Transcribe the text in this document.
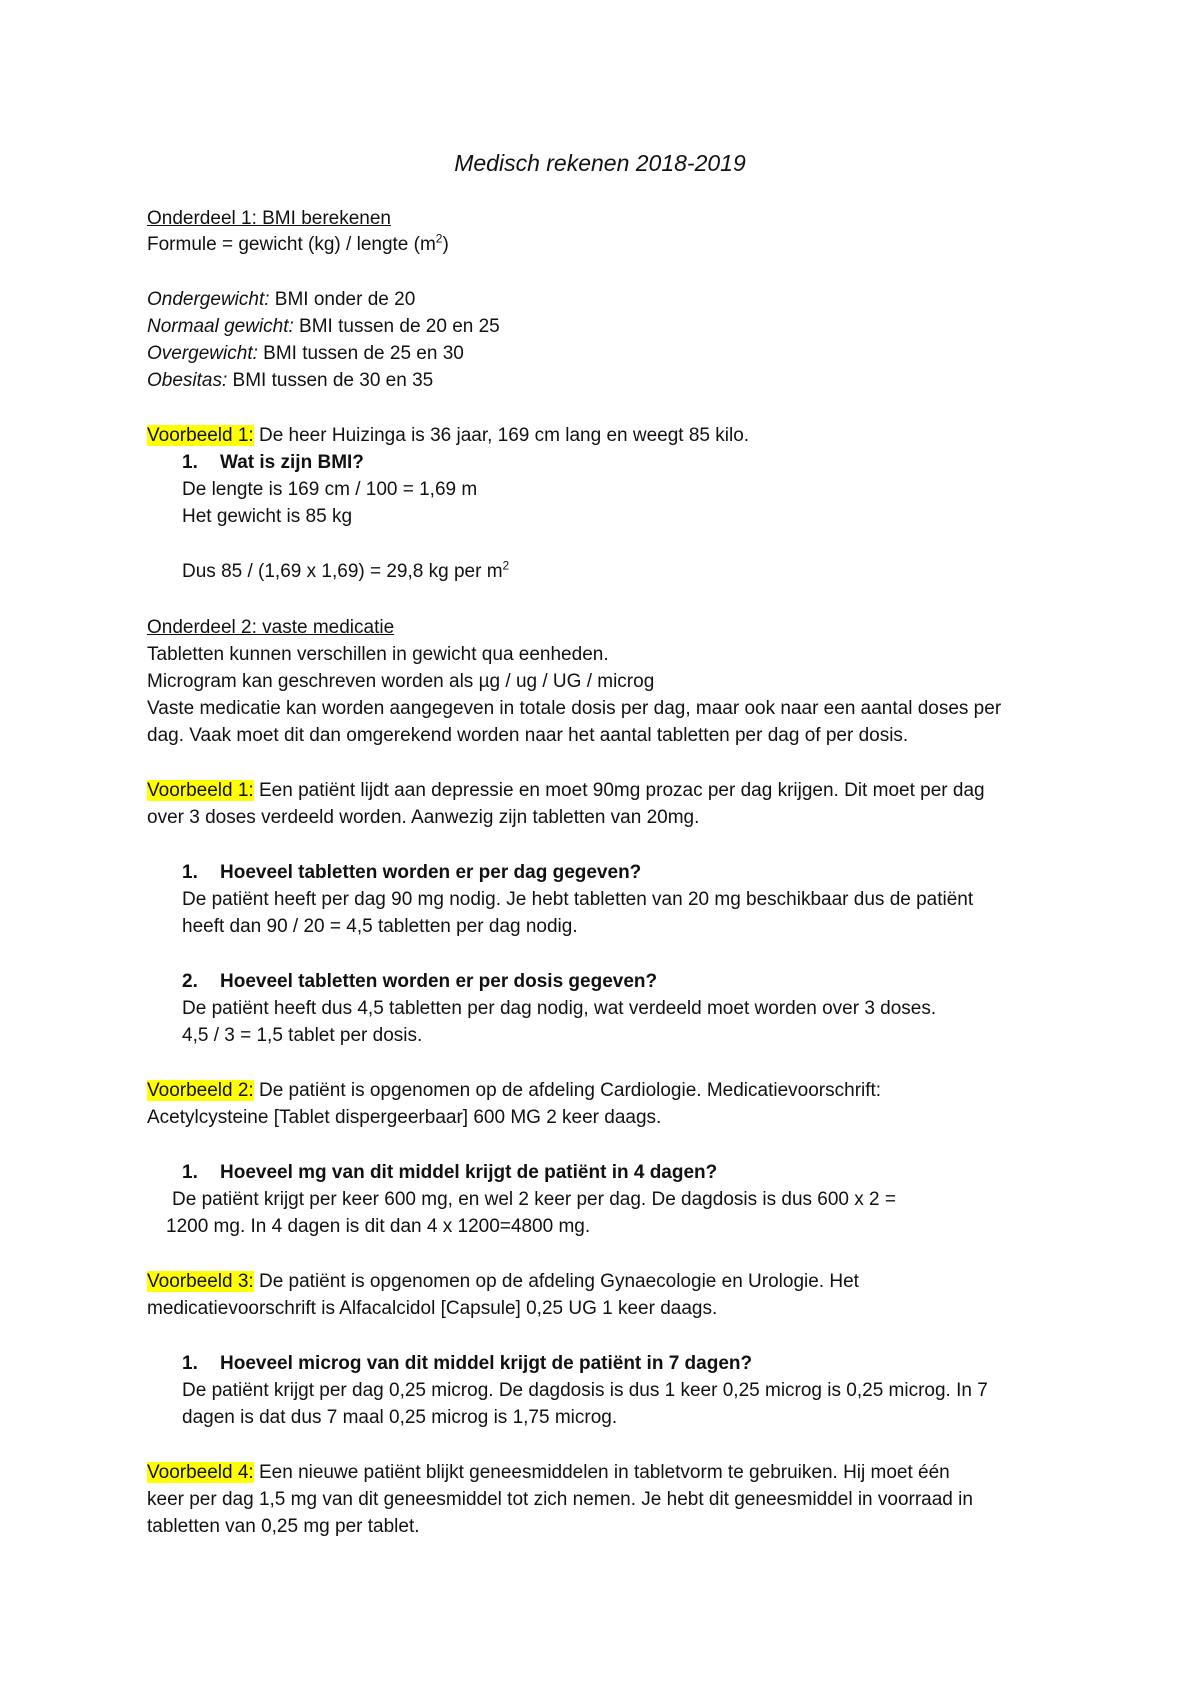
Medisch rekenen 2018-2019
Onderdeel 1: BMI berekenen
Formule = gewicht (kg) / lengte $(m^2)$
Ondergewicht: BMI onder de 20
Normaal gewicht: BMI tussen de 20 en 25
Overgewicht: BMI tussen de 25 en 30
Obesitas: BMI tussen de 30 en 35
Voorbeeld 1: De heer Huizinga is 36 jaar, 169 cm lang en weegt 85 kilo.
1. Wat is zijn BMI?
De lengte is 169 cm / 100 = 1,69 m
Het gewicht is 85 kg
Dus 85 / (1,69 x 1,69) = 29,8 kg per $m^2$
Onderdeel 2: vaste medicatie
Tabletten kunnen verschillen in gewicht qua eenheden.
Microgram kan geschreven worden als µg / ug / UG / microg
Vaste medicatie kan worden aangegeven in totale dosis per dag, maar ook naar een aantal doses per
dag. Vaak moet dit dan omgerekend worden naar het aantal tabletten per dag of per dosis.
Voorbeeld 1: Een patiënt lijdt aan depressie en moet 90mg prozac per dag krijgen. Dit moet per dag
over 3 doses verdeeld worden. Aanwezig zijn tabletten van 20mg.
1. Hoeveel tabletten worden er per dag gegeven?
De patiënt heeft per dag 90 mg nodig. Je hebt tabletten van 20 mg beschikbaar dus de patiënt
heeft dan 90 / 20 = 4,5 tabletten per dag nodig.
2. Hoeveel tabletten worden er per dosis gegeven?
De patiënt heeft dus 4,5 tabletten per dag nodig, wat verdeeld moet worden over 3 doses.
4,5 / 3 = 1,5 tablet per dosis.
Voorbeeld 2: De patiënt is opgenomen op de afdeling Cardiologie. Medicatievoorschrift:
Acetylcysteine [Tablet dispergeerbaar] 600 MG 2 keer daags.
1. Hoeveel mg van dit middel krijgt de patiënt in 4 dagen?
De patiënt krijgt per keer 600 mg, en wel 2 keer per dag. De dagdosis is dus 600 x 2 =
1200 mg. In 4 dagen is dit dan 4 x 1200=4800 mg.
Voorbeeld 3: De patiënt is opgenomen op de afdeling Gynaecologie en Urologie. Het
medicatievoorschrift is Alfacalcidol [Capsule] 0,25 UG 1 keer daags.
1. Hoeveel microg van dit middel krijgt de patiënt in 7 dagen?
De patiënt krijgt per dag 0,25 microg. De dagdosis is dus 1 keer 0,25 microg is 0,25 microg. In 7
dagen is dat dus 7 maal 0,25 microg is 1,75 microg.
Voorbeeld 4: Een nieuwe patiënt blijkt geneesmiddelen in tabletvorm te gebruiken. Hij moet één
keer per dag 1,5 mg van dit geneesmiddel tot zich nemen. Je hebt dit geneesmiddel in voorraad in
tabletten van 0,25 mg per tablet.
